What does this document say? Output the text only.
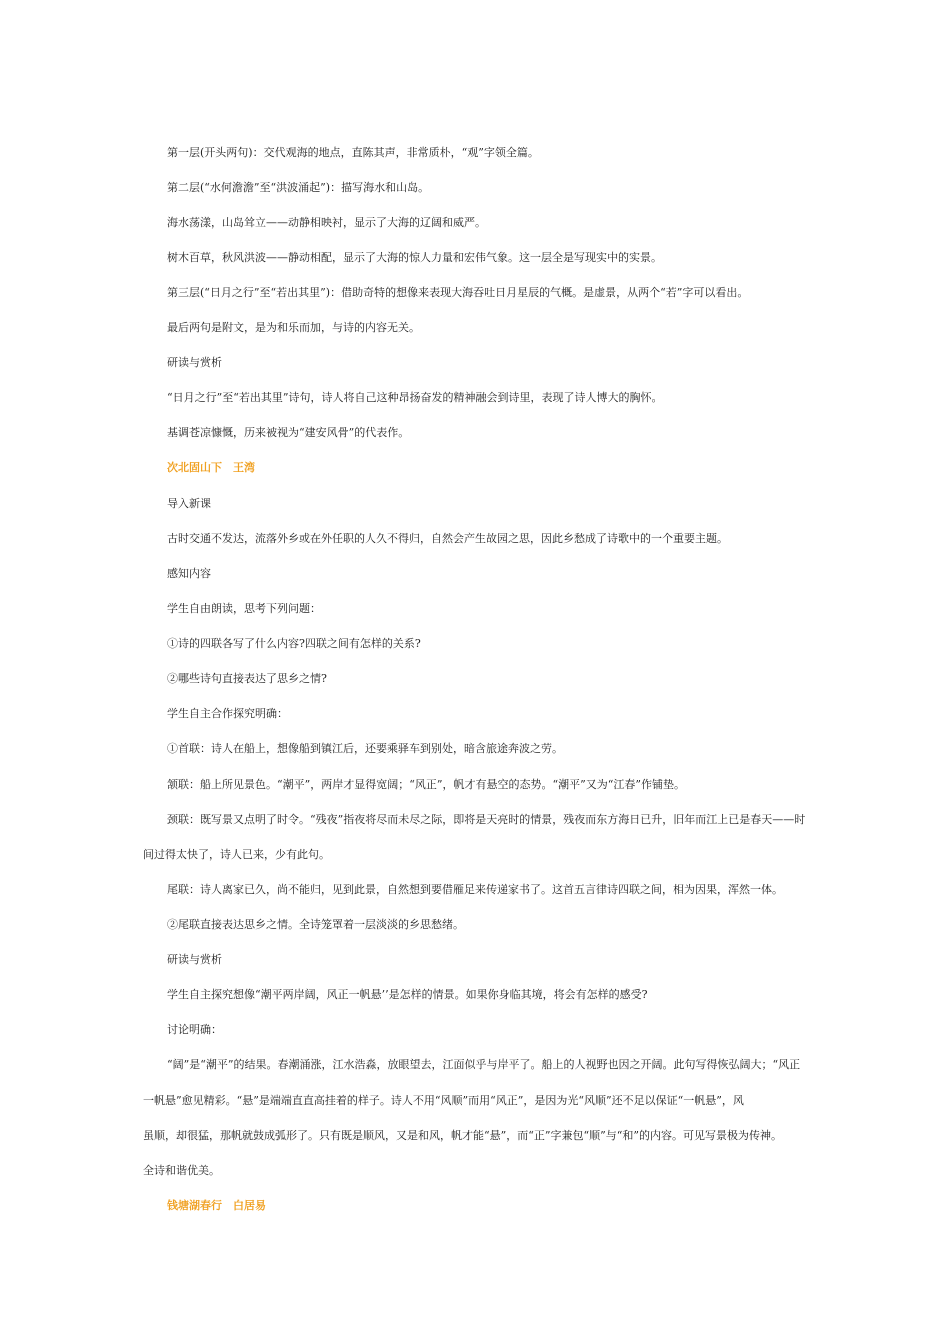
第一层(开头两句)：交代观海的地点，直陈其声，非常质朴，“观”字领全篇。
第二层(“水何澹澹”至“洪波涌起”)：描写海水和山岛。
海水荡漾，山岛耸立——动静相映衬，显示了大海的辽阔和威严。
树木百草，秋风洪波——静动相配，显示了大海的惊人力量和宏伟气象。这一层全是写现实中的实景。
第三层(“日月之行”至“若出其里”)：借助奇特的想像来表现大海吞吐日月星辰的气概。是虚景，从两个“若”字可以看出。
最后两句是附文，是为和乐而加，与诗的内容无关。
研读与赏析
“日月之行”至“若出其里”诗句，诗人将自己这种昂扬奋发的精神融会到诗里，表现了诗人博大的胸怀。
基调苍凉慷慨，历来被视为“建安风骨”的代表作。
次北固山下　王湾
导入新课
古时交通不发达，流落外乡或在外任职的人久不得归，自然会产生故园之思，因此乡愁成了诗歌中的一个重要主题。
感知内容
学生自由朗读，思考下列问题：
①诗的四联各写了什么内容?四联之间有怎样的关系?
②哪些诗句直接表达了思乡之情?
学生自主合作探究明确：
①首联：诗人在船上，想像船到镇江后，还要乘驿车到别处，暗含旅途奔波之劳。
颔联：船上所见景色。“潮平”，两岸才显得宽阔；“风正”，帆才有悬空的态势。“潮平”又为“江春”作铺垫。
颈联：既写景又点明了时令。“残夜”指夜将尽而未尽之际，即将是天亮时的情景，残夜而东方海日已升，旧年而江上已是春天——时
间过得太快了，诗人已来，少有此句。
尾联：诗人离家已久，尚不能归，见到此景，自然想到要借雁足来传递家书了。这首五言律诗四联之间，相为因果，浑然一体。
②尾联直接表达思乡之情。全诗笼罩着一层淡淡的乡思愁绪。
研读与赏析
学生自主探究想像“潮平两岸阔，风正一帆悬’’是怎样的情景。如果你身临其境，将会有怎样的感受?
讨论明确：
“阔”是“潮平”的结果。春潮涌涨，江水浩淼，放眼望去，江面似乎与岸平了。船上的人视野也因之开阔。此句写得恢弘阔大；“风正
一帆悬”愈见精彩。“悬”是端端直直高挂着的样子。诗人不用“风顺”而用“风正”，是因为光“风顺”还不足以保证“一帆悬”，风
虽顺，却很猛，那帆就鼓成弧形了。只有既是顺风，又是和风，帆才能“悬”，而“正”字兼包“顺”与“和”的内容。可见写景极为传神。
全诗和谐优美。
钱塘湖春行　白居易
